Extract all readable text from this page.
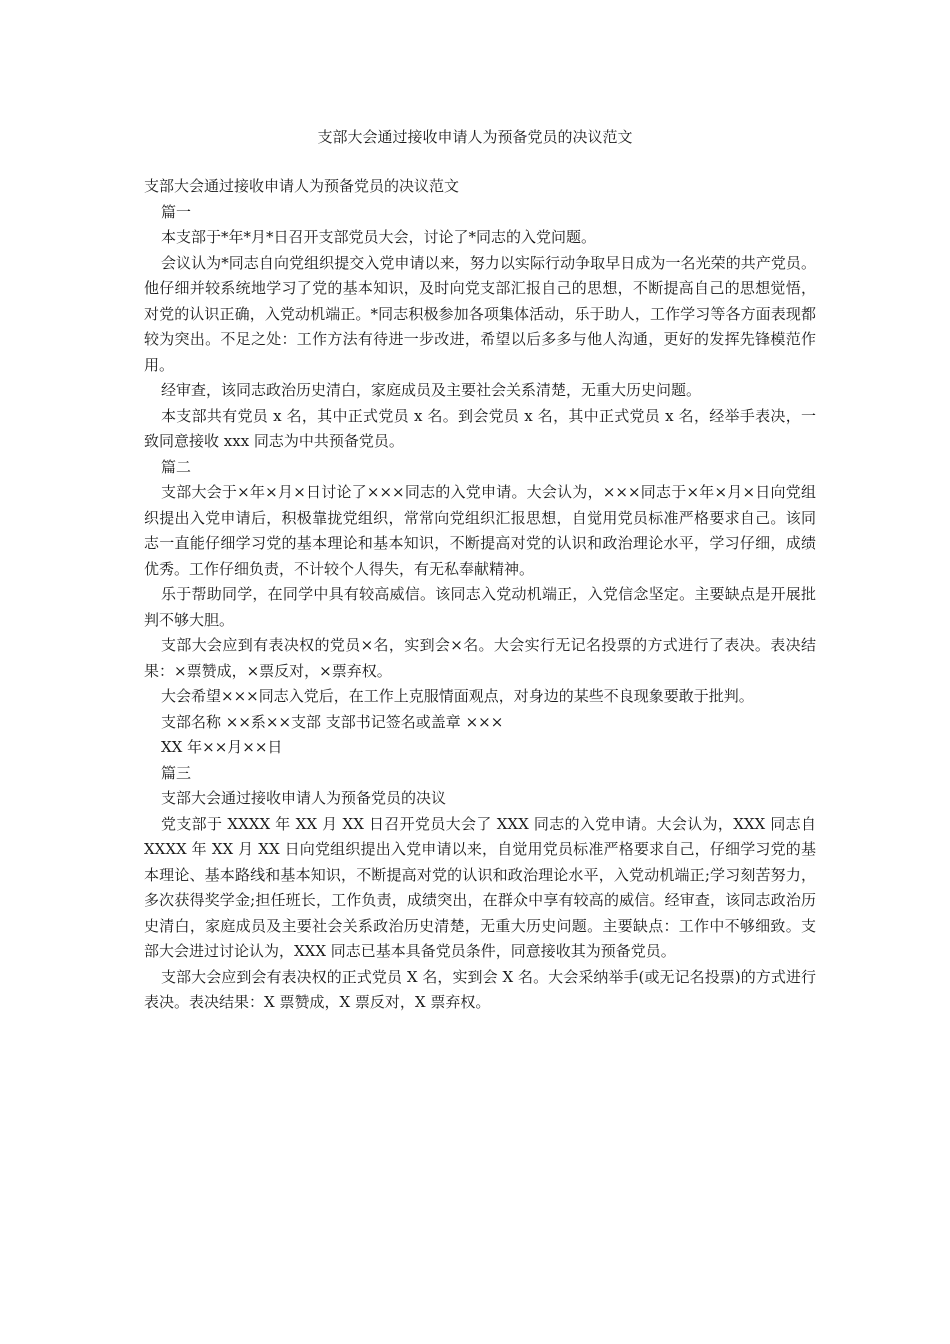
支部大会通过接收申请人为预备党员的决议范文

支部大会通过接收申请人为预备党员的决议范文

篇一

本支部于*年*月*日召开支部党员大会，讨论了*同志的入党问题。

会议认为*同志自向党组织提交入党申请以来，努力以实际行动争取早日成为一名光荣的共产党员。他仔细并较系统地学习了党的基本知识，及时向党支部汇报自己的思想，不断提高自己的思想觉悟，对党的认识正确，入党动机端正。*同志积极参加各项集体活动，乐于助人，工作学习等各方面表现都较为突出。不足之处：工作方法有待进一步改进，希望以后多多与他人沟通，更好的发挥先锋模范作用。

经审查，该同志政治历史清白，家庭成员及主要社会关系清楚，无重大历史问题。

本支部共有党员 x 名，其中正式党员 x 名。到会党员 x 名，其中正式党员 x 名，经举手表决，一致同意接收 xxx 同志为中共预备党员。

篇二

支部大会于×年×月×日讨论了×××同志的入党申请。大会认为，×××同志于×年×月×日向党组织提出入党申请后，积极靠拢党组织，常常向党组织汇报思想，自觉用党员标准严格要求自己。该同志一直能仔细学习党的基本理论和基本知识，不断提高对党的认识和政治理论水平，学习仔细，成绩优秀。工作仔细负责，不计较个人得失，有无私奉献精神。

乐于帮助同学，在同学中具有较高威信。该同志入党动机端正，入党信念坚定。主要缺点是开展批判不够大胆。

支部大会应到有表决权的党员×名，实到会×名。大会实行无记名投票的方式进行了表决。表决结果：×票赞成，×票反对，×票弃权。

大会希望×××同志入党后，在工作上克服情面观点，对身边的某些不良现象要敢于批判。

支部名称 ××系××支部 支部书记签名或盖章 ×××

XX 年××月××日

篇三

支部大会通过接收申请人为预备党员的决议

党支部于 XXXX 年 XX 月 XX 日召开党员大会了 XXX 同志的入党申请。大会认为，XXX 同志自 XXXX 年 XX 月 XX 日向党组织提出入党申请以来，自觉用党员标准严格要求自己，仔细学习党的基本理论、基本路线和基本知识，不断提高对党的认识和政治理论水平，入党动机端正;学习刻苦努力，多次获得奖学金;担任班长，工作负责，成绩突出，在群众中享有较高的威信。经审查，该同志政治历史清白，家庭成员及主要社会关系政治历史清楚，无重大历史问题。主要缺点：工作中不够细致。支部大会进过讨论认为，XXX 同志已基本具备党员条件，同意接收其为预备党员。

支部大会应到会有表决权的正式党员 X 名，实到会 X 名。大会采纳举手(或无记名投票)的方式进行表决。表决结果：X 票赞成，X 票反对，X 票弃权。
